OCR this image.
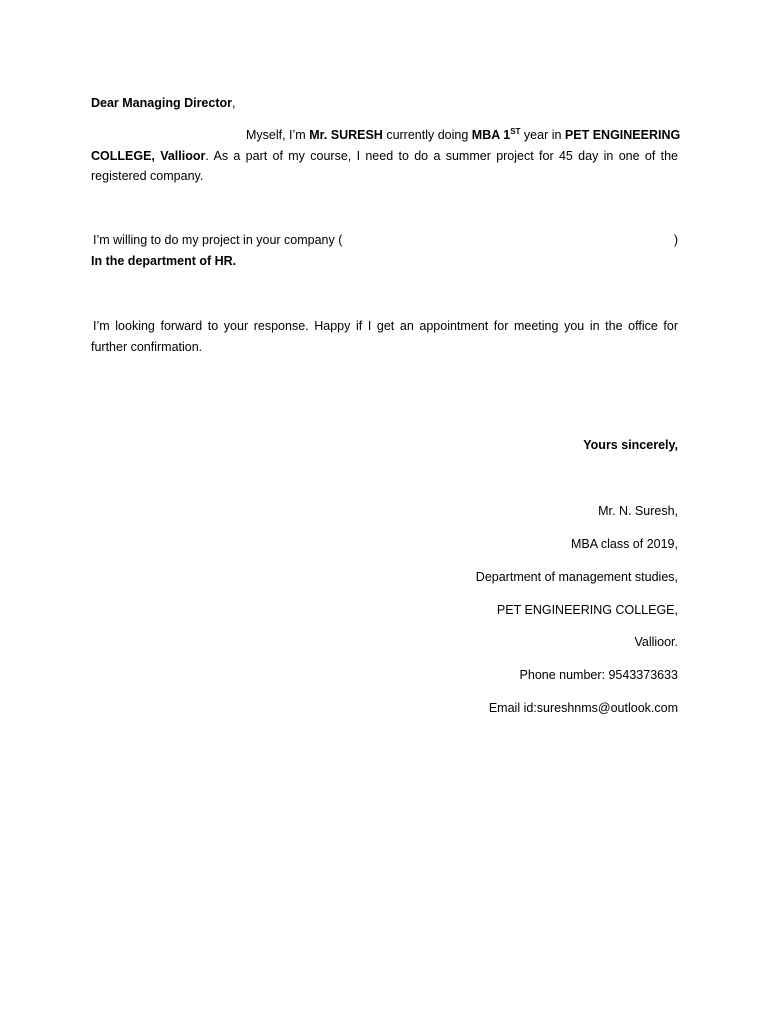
Dear Managing Director,
Myself, I’m Mr. SURESH currently doing MBA 1ST year in PET ENGINEERING
COLLEGE, Vallioor. As a part of my course, I need to do a summer project for 45 day in one of the
registered company.
I’m willing to do my project in your company (	)
In the department of HR.
I’m looking forward to your response. Happy if I get an appointment for meeting you in the office for
further confirmation.
Yours sincerely,
Mr. N. Suresh,
MBA class of 2019,
Department of management studies,
PET ENGINEERING COLLEGE,
Vallioor.
Phone number: 9543373633
Email id:sureshnms@outlook.com
